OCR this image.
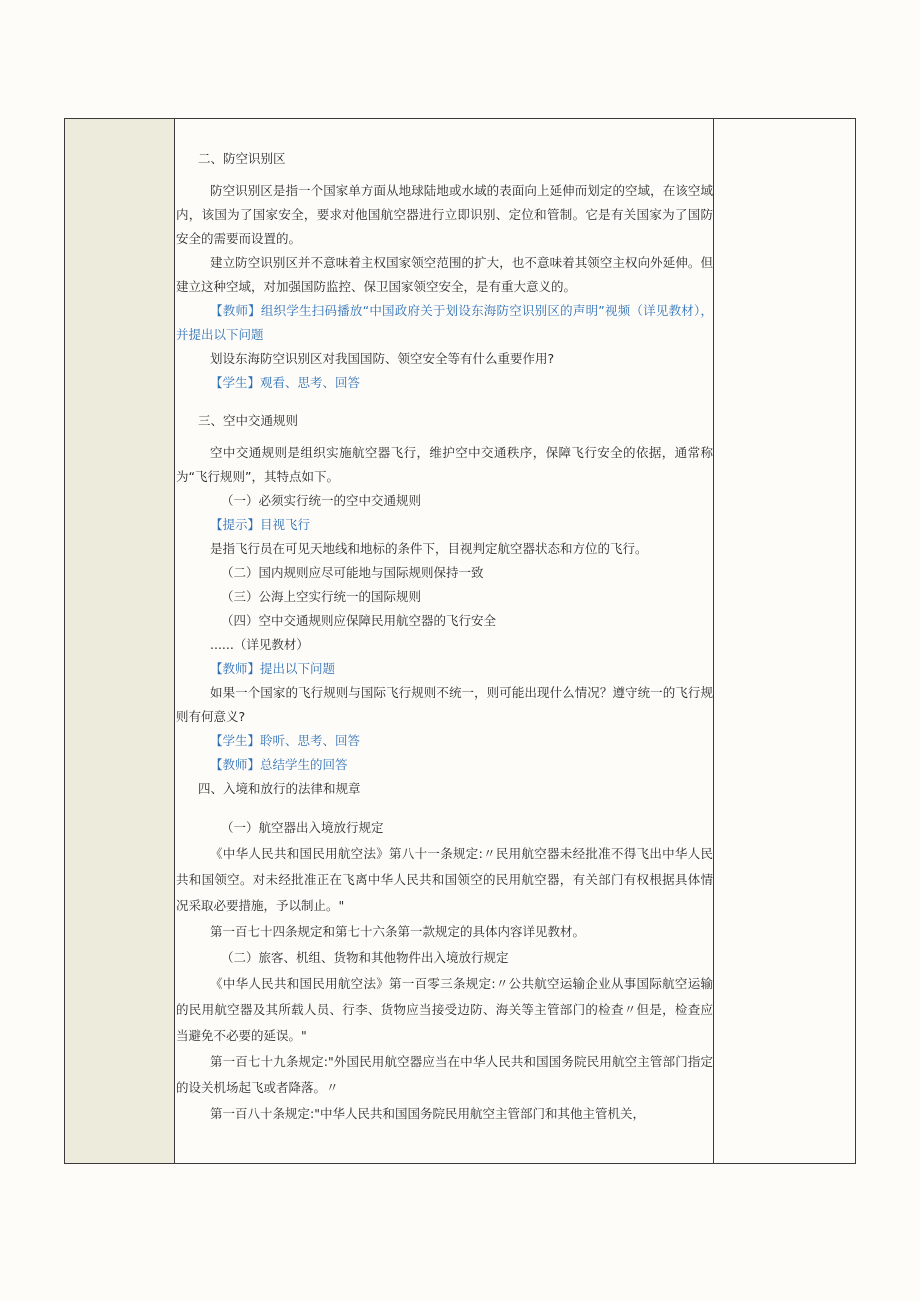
二、防空识别区

防空识别区是指一个国家单方面从地球陆地或水域的表面向上延伸而划定的空域，在该空域内，该国为了国家安全，要求对他国航空器进行立即识别、定位和管制。它是有关国家为了国防安全的需要而设置的。

建立防空识别区并不意味着主权国家领空范围的扩大，也不意味着其领空主权向外延伸。但建立这种空域，对加强国防监控、保卫国家领空安全，是有重大意义的。

【教师】组织学生扫码播放“中国政府关于划设东海防空识别区的声明”视频（详见教材），并提出以下问题

划设东海防空识别区对我国国防、领空安全等有什么重要作用?

【学生】观看、思考、回答

三、空中交通规则

空中交通规则是组织实施航空器飞行，维护空中交通秩序，保障飞行安全的依据，通常称为“飞行规则”，其特点如下。

（一）必须实行统一的空中交通规则

【提示】目视飞行

是指飞行员在可见天地线和地标的条件下，目视判定航空器状态和方位的飞行。

（二）国内规则应尽可能地与国际规则保持一致

（三）公海上空实行统一的国际规则

（四）空中交通规则应保障民用航空器的飞行安全

......（详见教材）

【教师】提出以下问题

如果一个国家的飞行规则与国际飞行规则不统一，则可能出现什么情况？遵守统一的飞行规则有何意义?

【学生】聆听、思考、回答

【教师】总结学生的回答

四、入境和放行的法律和规章

（一）航空器出入境放行规定

《中华人民共和国民用航空法》第八十一条规定:〃民用航空器未经批准不得飞出中华人民共和国领空。对未经批准正在飞离中华人民共和国领空的民用航空器，有关部门有权根据具体情况采取必要措施，予以制止。"

第一百七十四条规定和第七十六条第一款规定的具体内容详见教材。

（二）旅客、机组、货物和其他物件出入境放行规定

《中华人民共和国民用航空法》第一百零三条规定:〃公共航空运输企业从事国际航空运输的民用航空器及其所载人员、行李、货物应当接受边防、海关等主管部门的检查〃但是，检查应当避免不必要的延误。"

第一百七十九条规定:"外国民用航空器应当在中华人民共和国国务院民用航空主管部门指定的设关机场起飞或者降落。〃

第一百八十条规定:"中华人民共和国国务院民用航空主管部门和其他主管机关，
